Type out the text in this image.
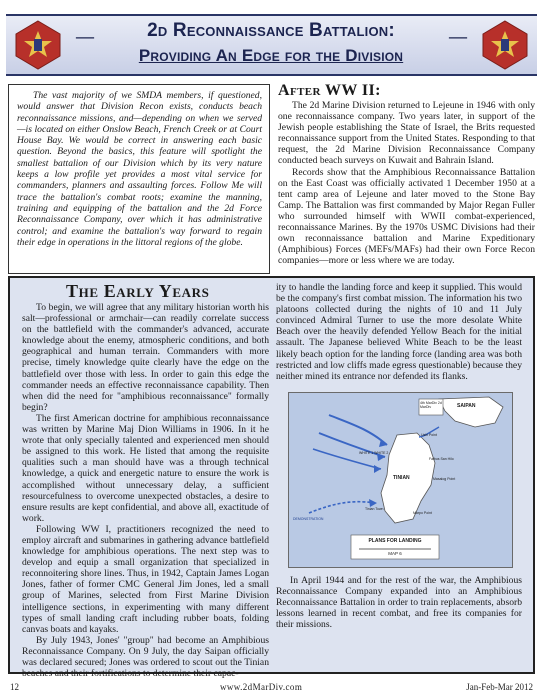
—	2d Reconnaissance Battalion:
Providing An Edge for the Division
—

The vast majority of we SMDA members, if questioned, would answer that Division Recon exists, conducts beach reconnaissance missions, and—depending on when we served—is located on either Onslow Beach, French Creek or at Court House Bay. We would be correct in answering each basic question. Beyond the basics, this feature will spotlight the smallest battalion of our Division which by its very nature keeps a low profile yet provides a most vital service for commanders, planners and assaulting forces. Follow Me will trace the battalion's combat roots; examine the manning, training and equipping of the battalion and the 2d Force Reconnaissance Company, over which it has administrative control; and examine the battalion's way forward to regain their edge in operations in the littoral regions of the globe.

After WW II:

The 2d Marine Division returned to Lejeune in 1946 with only one reconnaissance company. Two years later, in support of the Jewish people establishing the State of Israel, the Brits requested reconnaissance support from the United States. Responding to that request, the 2d Marine Division Reconnaissance Company conducted beach surveys on Kuwait and Bahrain Island.

Records show that the Amphibious Reconnaissance Battalion on the East Coast was officially activated 1 December 1950 at a tent camp area of Lejeune and later moved to the Stone Bay Camp. The Battalion was first commanded by Major Regan Fuller who surrounded himself with WWII combat-experienced, reconnaissance Marines. By the 1970s USMC Divisions had their own reconnaissance battalion and Marine Expeditionary (Amphibious) Forces (MEFs/MAFs) had their own Force Recon companies—more or less where we are today.

The Early Years

To begin, we will agree that any military historian worth his salt—professional or armchair—can readily correlate success on the battlefield with the commander's advanced, accurate knowledge about the enemy, atmospheric conditions, and both geographical and human terrain. Commanders with more precise, timely knowledge quite clearly have the edge on the battlefield over those with less. In order to gain this edge the commander needs an effective reconnaissance capability. Then when did the need for "amphibious reconnaissance" formally begin?

The first American doctrine for amphibious reconnaissance was written by Marine Maj Dion Williams in 1906. In it he wrote that only specially talented and experienced men should be assigned to this work. He listed that among the requisite qualities such a man should have was a through technical knowledge, a quick and energetic nature to ensure the work is accomplished without unnecessary delay, a sufficient resourcefulness to overcome unexpected obstacles, a desire to ensure results are kept confidential, and above all, exactitude of work.

Following WW I, practitioners recognized the need to employ aircraft and submarines in gathering advance battlefield knowledge for amphibious operations. The next step was to develop and equip a small organization that specialized in reconnoitering shore lines. Thus, in 1942, Captain James Logan Jones, father of former CMC General Jim Jones, led a small group of Marines, selected from First Marine Division intelligence sections, in experimenting with many different types of small landing craft including rubber boats, folding canvas boats and kayaks.

By July 1943, Jones' "group" had become an Amphibious Reconnaissance Company. On 9 July, the day Saipan officially was declared secured; Jones was ordered to scout out the Tinian beaches and their fortifications to determine their capac-

ity to handle the landing force and keep it supplied. This would be the company's first combat mission. The information his two platoons collected during the nights of 10 and 11 July convinced Admiral Turner to use the more desolate White Beach over the heavily defended Yellow Beach for the initial assault. The Japanese believed White Beach to be the least likely beach option for the landing force (landing area was both restricted and low cliffs made egress questionable) because they neither mined its entrance nor defended its flanks.

SAIPAN
4th MarDiv 2d MarDiv
TINIAN
Ushi Point
Faibus San Hilo
Masalog Point
Marpo Point
Tinian Town
DEMONSTRATION
WHITE 1 WHITE 2
PLANS FOR LANDING
MAP 6

In April 1944 and for the rest of the war, the Amphibious Reconnaissance Company expanded into an Amphibious Reconnaissance Battalion in order to train replacements, absorb lessons learned in recent combat, and free its companies for their missions.

12	www.2dMarDiv.com	Jan-Feb-Mar 2012
